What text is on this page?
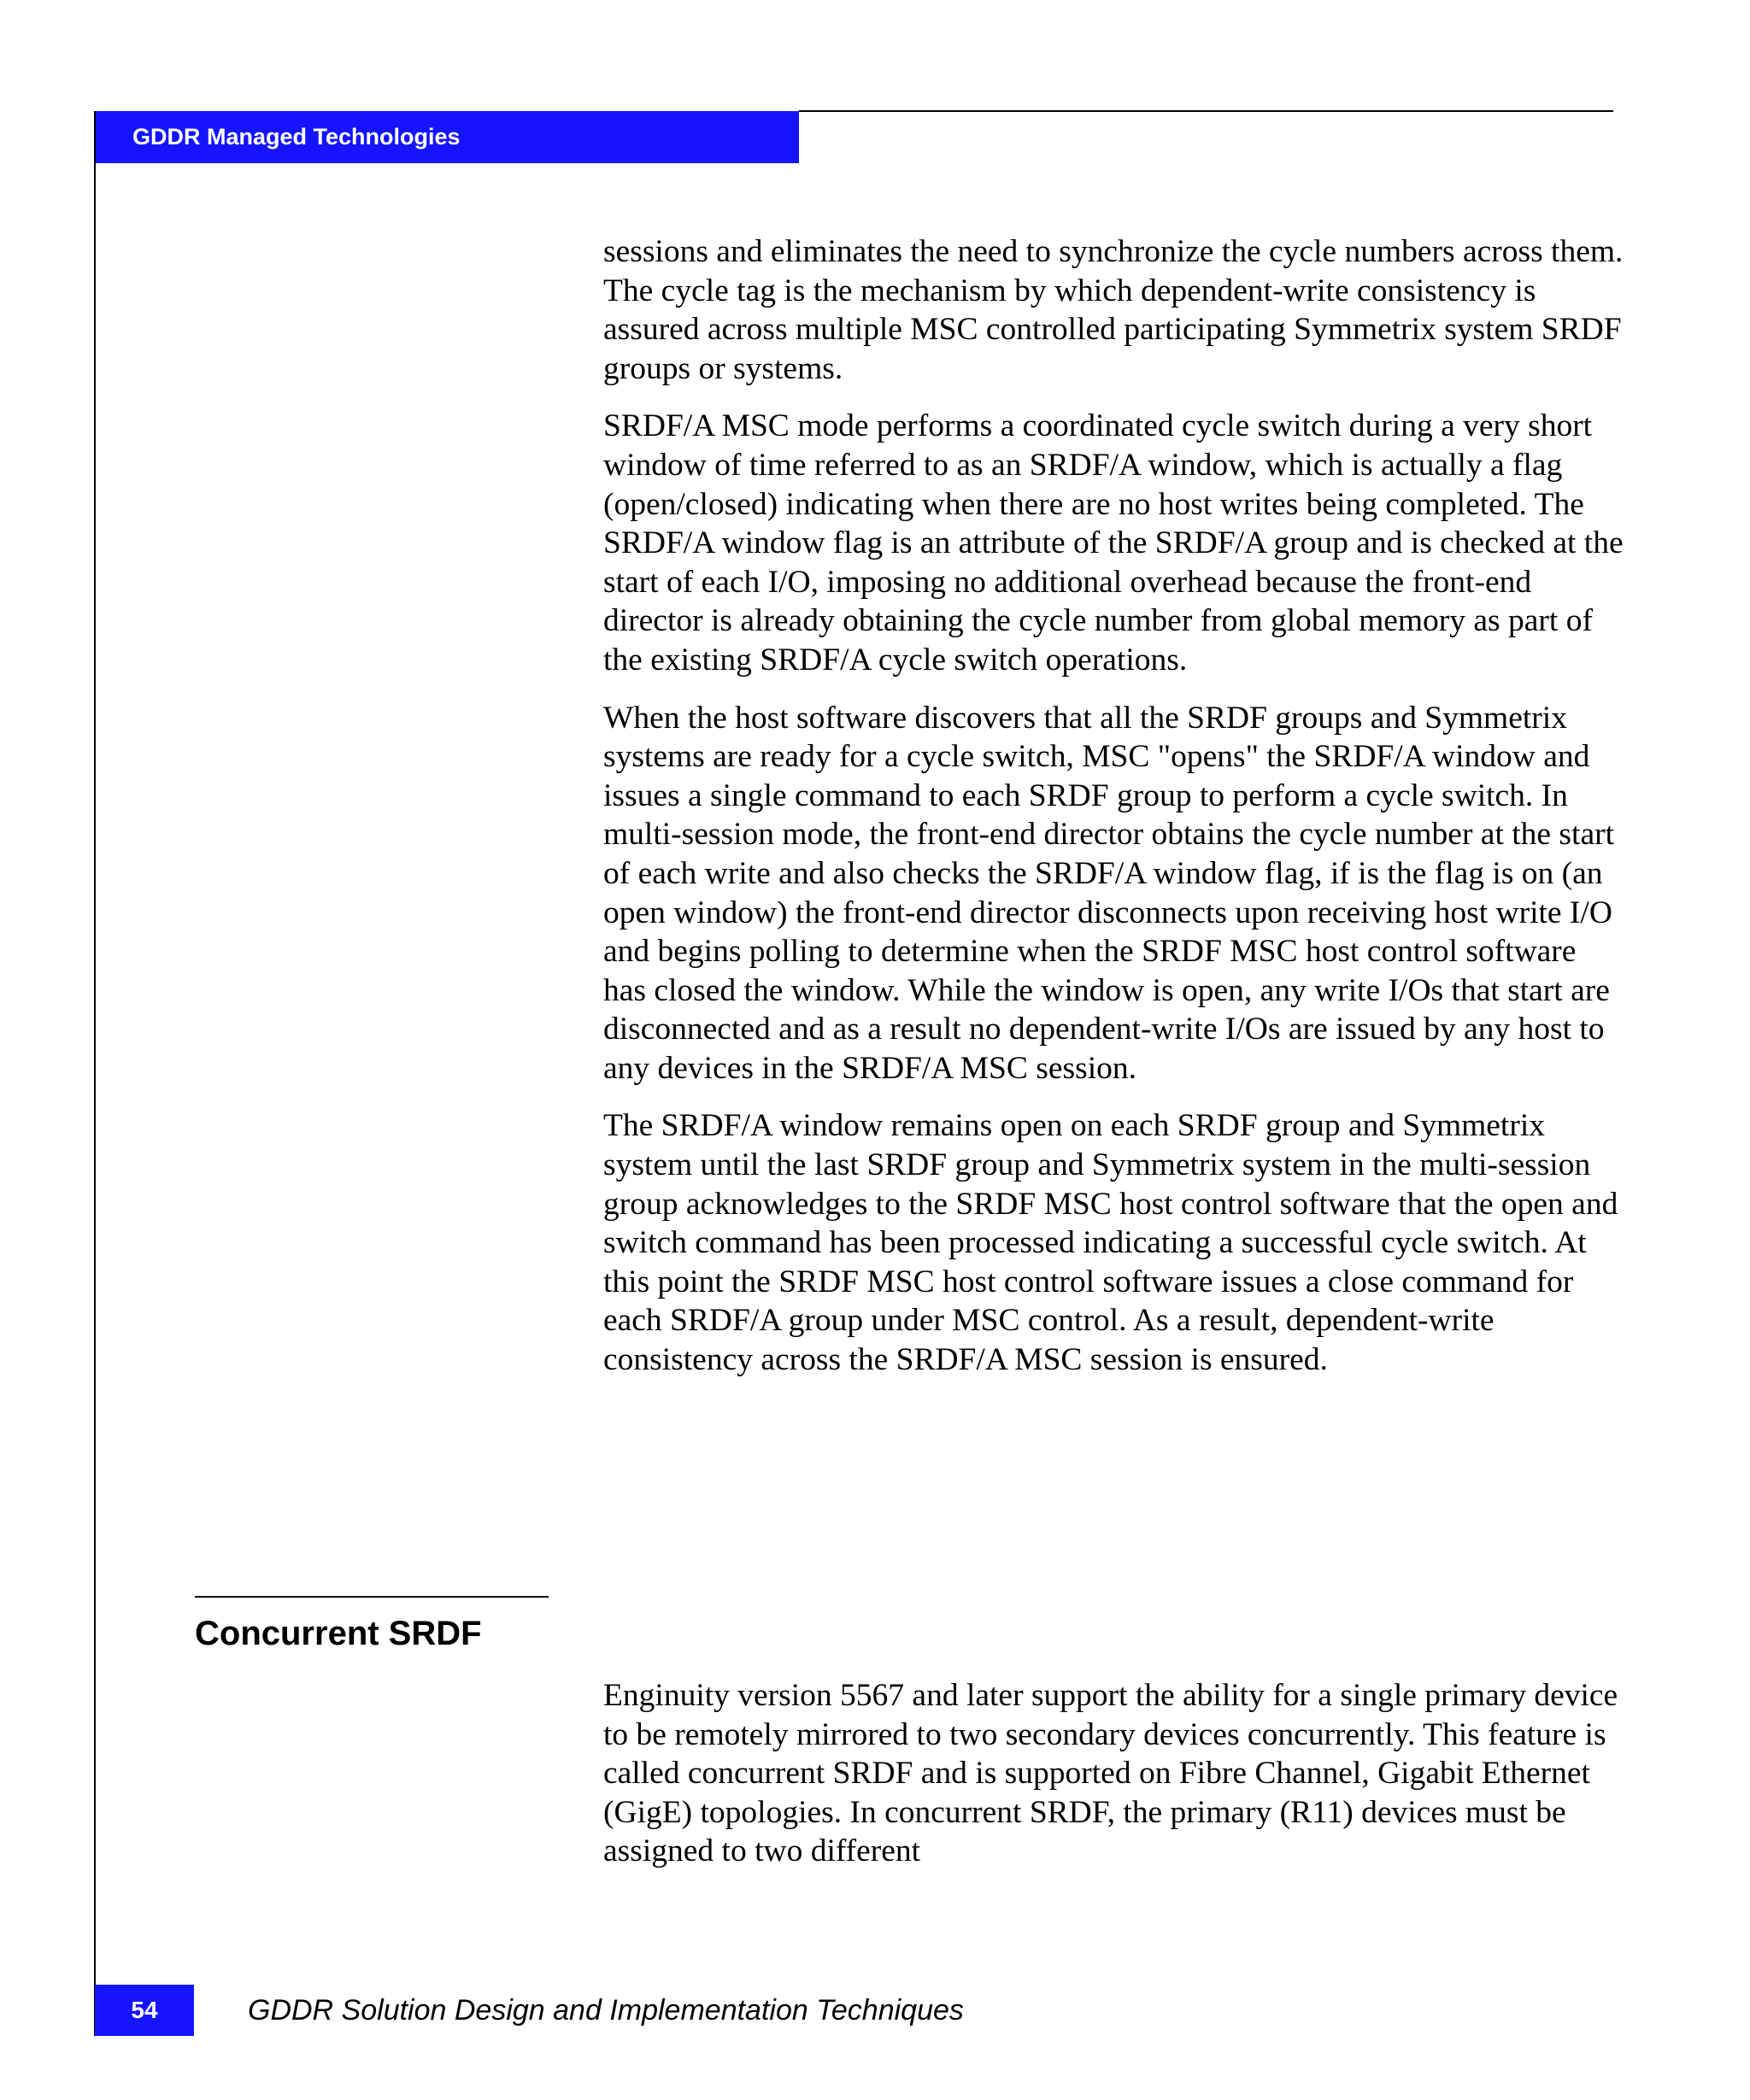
GDDR Managed Technologies

sessions and eliminates the need to synchronize the cycle numbers across them. The cycle tag is the mechanism by which dependent-write consistency is assured across multiple MSC controlled participating Symmetrix system SRDF groups or systems.

SRDF/A MSC mode performs a coordinated cycle switch during a very short window of time referred to as an SRDF/A window, which is actually a flag (open/closed) indicating when there are no host writes being completed. The SRDF/A window flag is an attribute of the SRDF/A group and is checked at the start of each I/O, imposing no additional overhead because the front-end director is already obtaining the cycle number from global memory as part of the existing SRDF/A cycle switch operations.

When the host software discovers that all the SRDF groups and Symmetrix systems are ready for a cycle switch, MSC "opens" the SRDF/A window and issues a single command to each SRDF group to perform a cycle switch. In multi-session mode, the front-end director obtains the cycle number at the start of each write and also checks the SRDF/A window flag, if is the flag is on (an open window) the front-end director disconnects upon receiving host write I/O and begins polling to determine when the SRDF MSC host control software has closed the window. While the window is open, any write I/Os that start are disconnected and as a result no dependent-write I/Os are issued by any host to any devices in the SRDF/A MSC session.

The SRDF/A window remains open on each SRDF group and Symmetrix system until the last SRDF group and Symmetrix system in the multi-session group acknowledges to the SRDF MSC host control software that the open and switch command has been processed indicating a successful cycle switch. At this point the SRDF MSC host control software issues a close command for each SRDF/A group under MSC control. As a result, dependent-write consistency across the SRDF/A MSC session is ensured.

Concurrent SRDF

Enginuity version 5567 and later support the ability for a single primary device to be remotely mirrored to two secondary devices concurrently. This feature is called concurrent SRDF and is supported on Fibre Channel, Gigabit Ethernet (GigE) topologies. In concurrent SRDF, the primary (R11) devices must be assigned to two different

54	GDDR Solution Design and Implementation Techniques
